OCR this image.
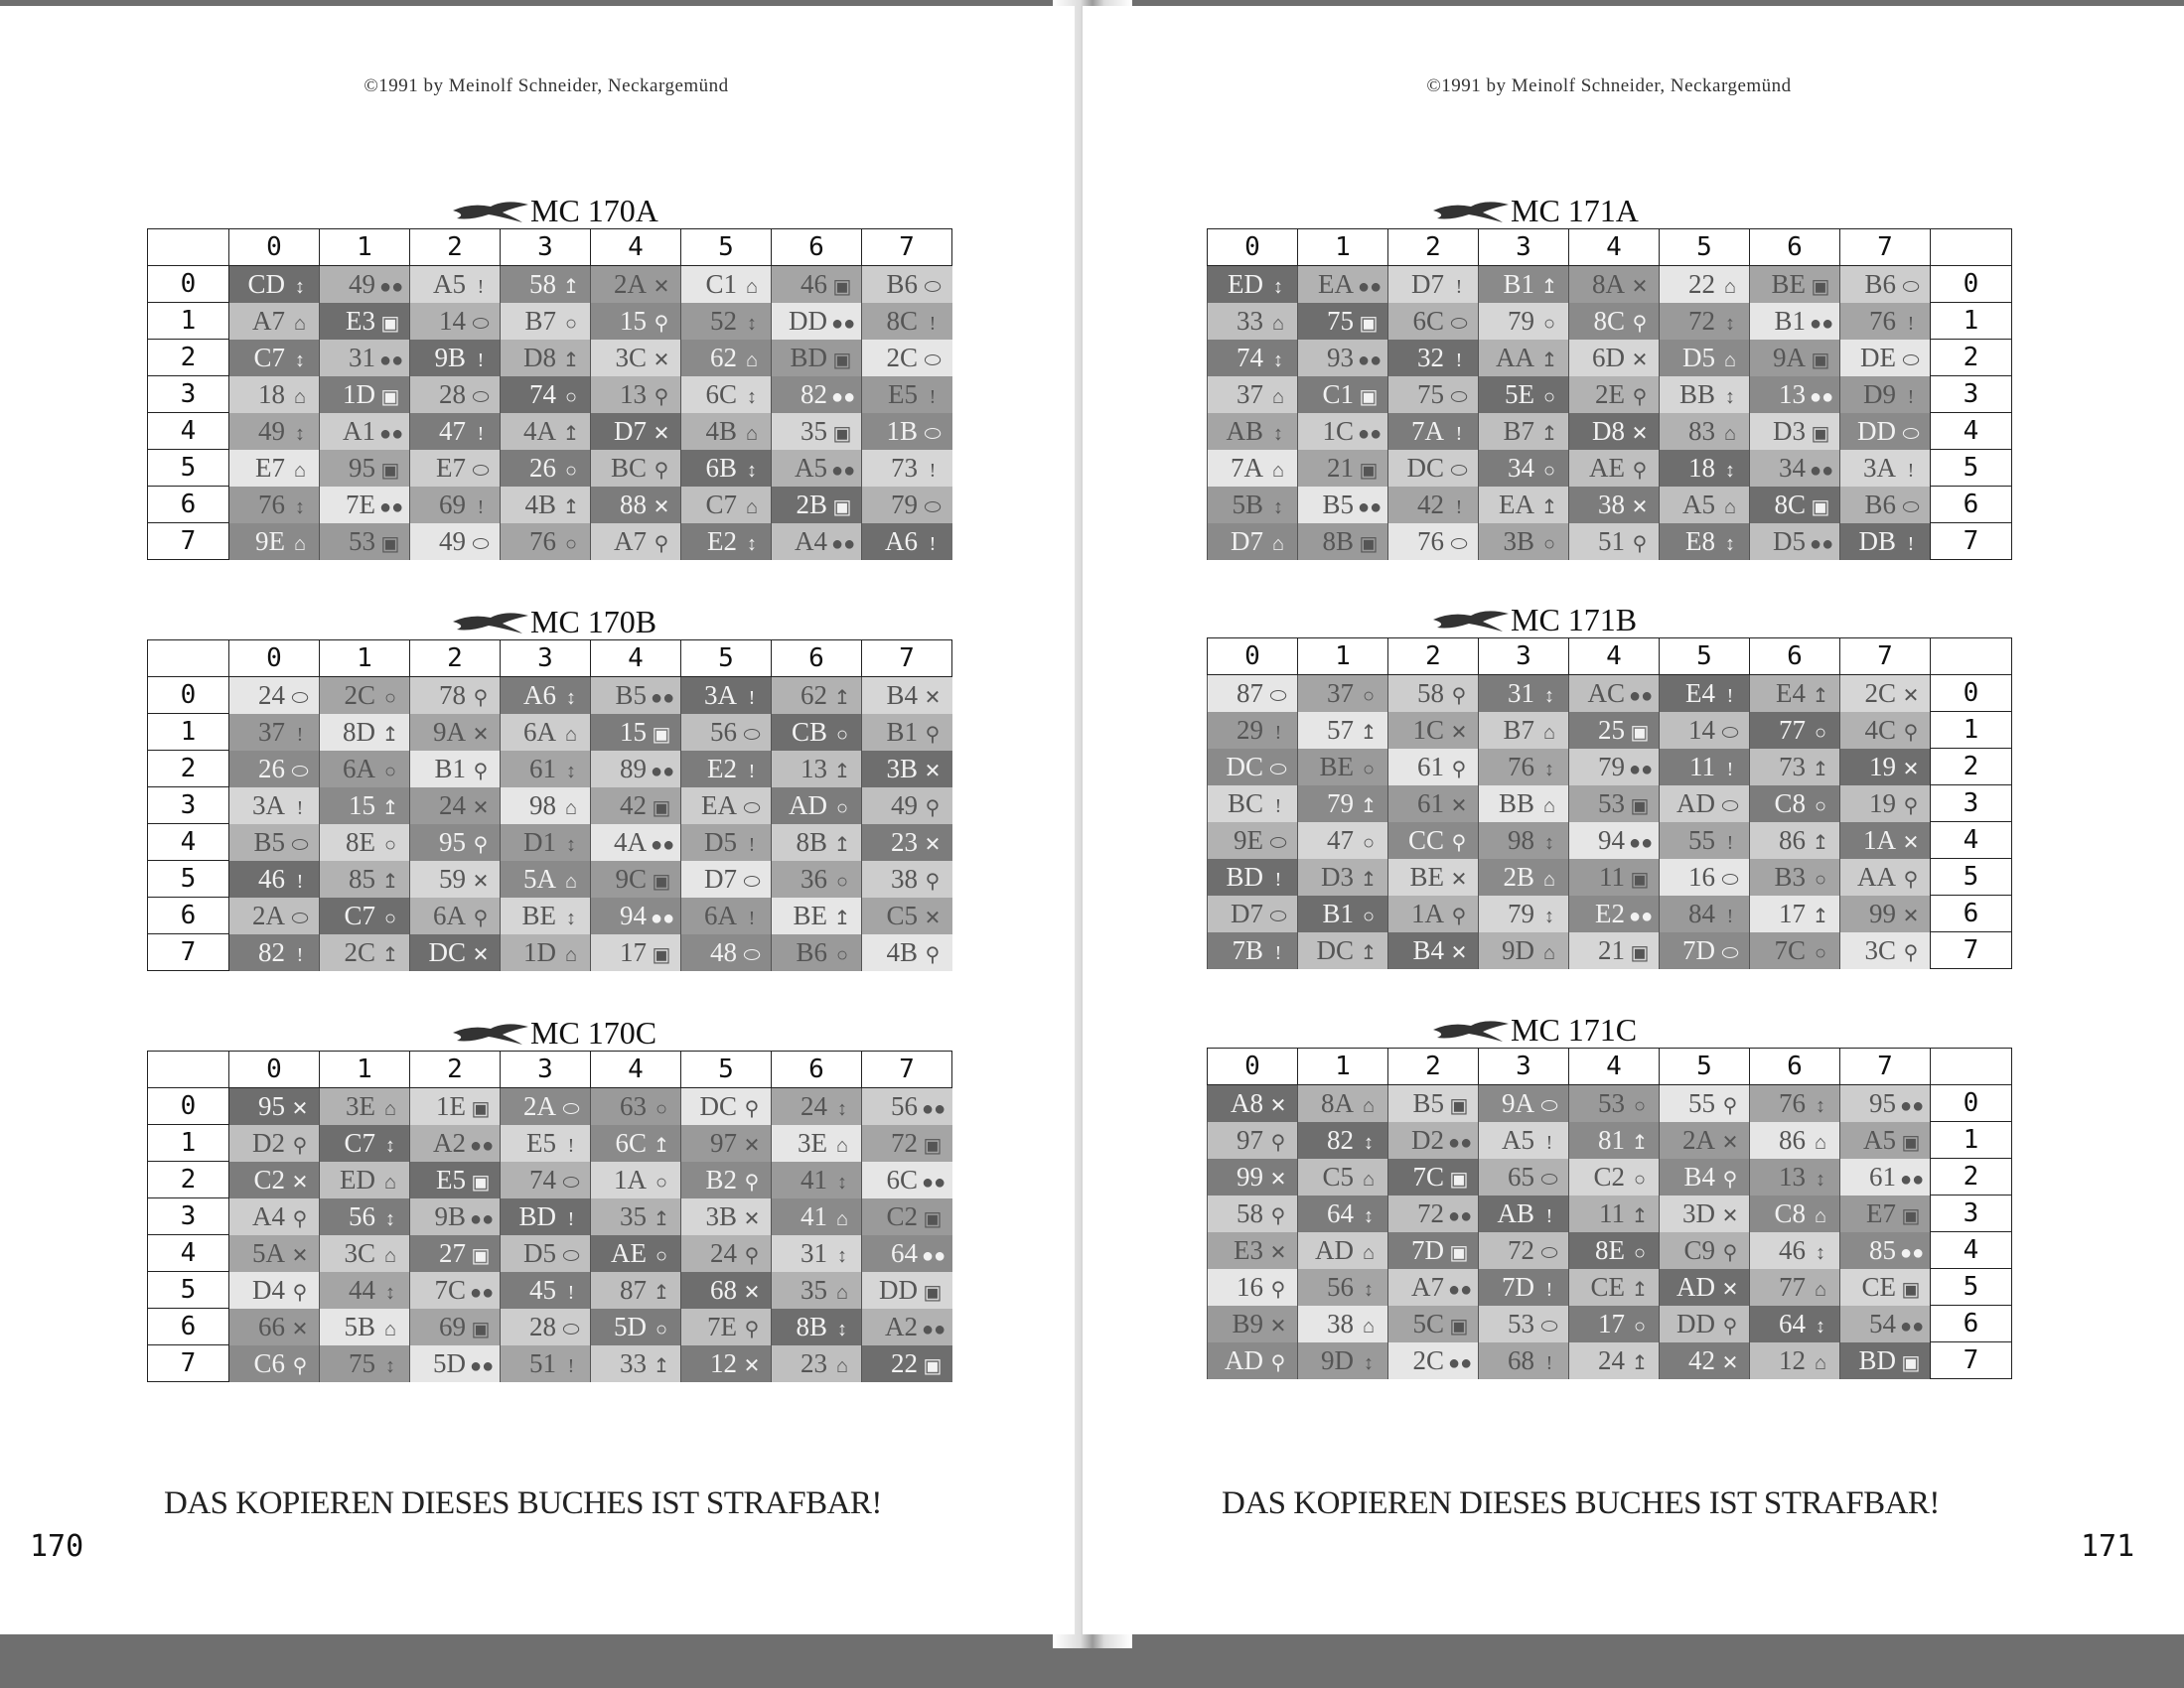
©1991 by Meinolf Schneider, Neckargemünd
MC 170A
	0	1	2	3	4	5	6	7
0	CD ↕	49 ●●	A5 !	58 ↥	2A ✕	C1 ⌂	46 ▣	B6 ⬭
1	A7 ⌂	E3 ▣	14 ⬭	B7 ○	15 ⚲	52 ↕	DD ●●	8C !
2	C7 ↕	31 ●●	9B !	D8 ↥	3C ✕	62 ⌂	BD ▣	2C ⬭
3	18 ⌂	1D ▣	28 ⬭	74 ○	13 ⚲	6C ↕	82 ●●	E5 !
4	49 ↕	A1 ●●	47 !	4A ↥	D7 ✕	4B ⌂	35 ▣	1B ⬭
5	E7 ⌂	95 ▣	E7 ⬭	26 ○	BC ⚲	6B ↕	A5 ●●	73 !
6	76 ↕	7E ●●	69 !	4B ↥	88 ✕	C7 ⌂	2B ▣	79 ⬭
7	9E ⌂	53 ▣	49 ⬭	76 ○	A7 ⚲	E2 ↕	A4 ●●	A6 !
MC 170B
	0	1	2	3	4	5	6	7
0	24 ⬭	2C ○	78 ⚲	A6 ↕	B5 ●●	3A !	62 ↥	B4 ✕
1	37 !	8D ↥	9A ✕	6A ⌂	15 ▣	56 ⬭	CB ○	B1 ⚲
2	26 ⬭	6A ○	B1 ⚲	61 ↕	89 ●●	E2 !	13 ↥	3B ✕
3	3A !	15 ↥	24 ✕	98 ⌂	42 ▣	EA ⬭	AD ○	49 ⚲
4	B5 ⬭	8E ○	95 ⚲	D1 ↕	4A ●●	D5 !	8B ↥	23 ✕
5	46 !	85 ↥	59 ✕	5A ⌂	9C ▣	D7 ⬭	36 ○	38 ⚲
6	2A ⬭	C7 ○	6A ⚲	BE ↕	94 ●●	6A !	BE ↥	C5 ✕
7	82 !	2C ↥	DC ✕	1D ⌂	17 ▣	48 ⬭	B6 ○	4B ⚲
MC 170C
	0	1	2	3	4	5	6	7
0	95 ✕	3E ⌂	1E ▣	2A ⬭	63 ○	DC ⚲	24 ↕	56 ●●
1	D2 ⚲	C7 ↕	A2 ●●	E5 !	6C ↥	97 ✕	3E ⌂	72 ▣
2	C2 ✕	ED ⌂	E5 ▣	74 ⬭	1A ○	B2 ⚲	41 ↕	6C ●●
3	A4 ⚲	56 ↕	9B ●●	BD !	35 ↥	3B ✕	41 ⌂	C2 ▣
4	5A ✕	3C ⌂	27 ▣	D5 ⬭	AE ○	24 ⚲	31 ↕	64 ●●
5	D4 ⚲	44 ↕	7C ●●	45 !	87 ↥	68 ✕	35 ⌂	DD ▣
6	66 ✕	5B ⌂	69 ▣	28 ⬭	5D ○	7E ⚲	8B ↕	A2 ●●
7	C6 ⚲	75 ↕	5D ●●	51 !	33 ↥	12 ✕	23 ⌂	22 ▣
DAS KOPIEREN DIESES BUCHES IST STRAFBAR!
170
©1991 by Meinolf Schneider, Neckargemünd
MC 171A
0	1	2	3	4	5	6	7	
ED ↕	EA ●●	D7 !	B1 ↥	8A ✕	22 ⌂	BE ▣	B6 ⬭	0
33 ⌂	75 ▣	6C ⬭	79 ○	8C ⚲	72 ↕	B1 ●●	76 !	1
74 ↕	93 ●●	32 !	AA ↥	6D ✕	D5 ⌂	9A ▣	DE ⬭	2
37 ⌂	C1 ▣	75 ⬭	5E ○	2E ⚲	BB ↕	13 ●●	D9 !	3
AB ↕	1C ●●	7A !	B7 ↥	D8 ✕	83 ⌂	D3 ▣	DD ⬭	4
7A ⌂	21 ▣	DC ⬭	34 ○	AE ⚲	18 ↕	34 ●●	3A !	5
5B ↕	B5 ●●	42 !	EA ↥	38 ✕	A5 ⌂	8C ▣	B6 ⬭	6
D7 ⌂	8B ▣	76 ⬭	3B ○	51 ⚲	E8 ↕	D5 ●●	DB !	7
MC 171B
0	1	2	3	4	5	6	7	
87 ⬭	37 ○	58 ⚲	31 ↕	AC ●●	E4 !	E4 ↥	2C ✕	0
29 !	57 ↥	1C ✕	B7 ⌂	25 ▣	14 ⬭	77 ○	4C ⚲	1
DC ⬭	BE ○	61 ⚲	76 ↕	79 ●●	11 !	73 ↥	19 ✕	2
BC !	79 ↥	61 ✕	BB ⌂	53 ▣	AD ⬭	C8 ○	19 ⚲	3
9E ⬭	47 ○	CC ⚲	98 ↕	94 ●●	55 !	86 ↥	1A ✕	4
BD !	D3 ↥	BE ✕	2B ⌂	11 ▣	16 ⬭	B3 ○	AA ⚲	5
D7 ⬭	B1 ○	1A ⚲	79 ↕	E2 ●●	84 !	17 ↥	99 ✕	6
7B !	DC ↥	B4 ✕	9D ⌂	21 ▣	7D ⬭	7C ○	3C ⚲	7
MC 171C
0	1	2	3	4	5	6	7	
A8 ✕	8A ⌂	B5 ▣	9A ⬭	53 ○	55 ⚲	76 ↕	95 ●●	0
97 ⚲	82 ↕	D2 ●●	A5 !	81 ↥	2A ✕	86 ⌂	A5 ▣	1
99 ✕	C5 ⌂	7C ▣	65 ⬭	C2 ○	B4 ⚲	13 ↕	61 ●●	2
58 ⚲	64 ↕	72 ●●	AB !	11 ↥	3D ✕	C8 ⌂	E7 ▣	3
E3 ✕	AD ⌂	7D ▣	72 ⬭	8E ○	C9 ⚲	46 ↕	85 ●●	4
16 ⚲	56 ↕	A7 ●●	7D !	CE ↥	AD ✕	77 ⌂	CE ▣	5
B9 ✕	38 ⌂	5C ▣	53 ⬭	17 ○	DD ⚲	64 ↕	54 ●●	6
AD ⚲	9D ↕	2C ●●	68 !	24 ↥	42 ✕	12 ⌂	BD ▣	7
DAS KOPIEREN DIESES BUCHES IST STRAFBAR!
171
